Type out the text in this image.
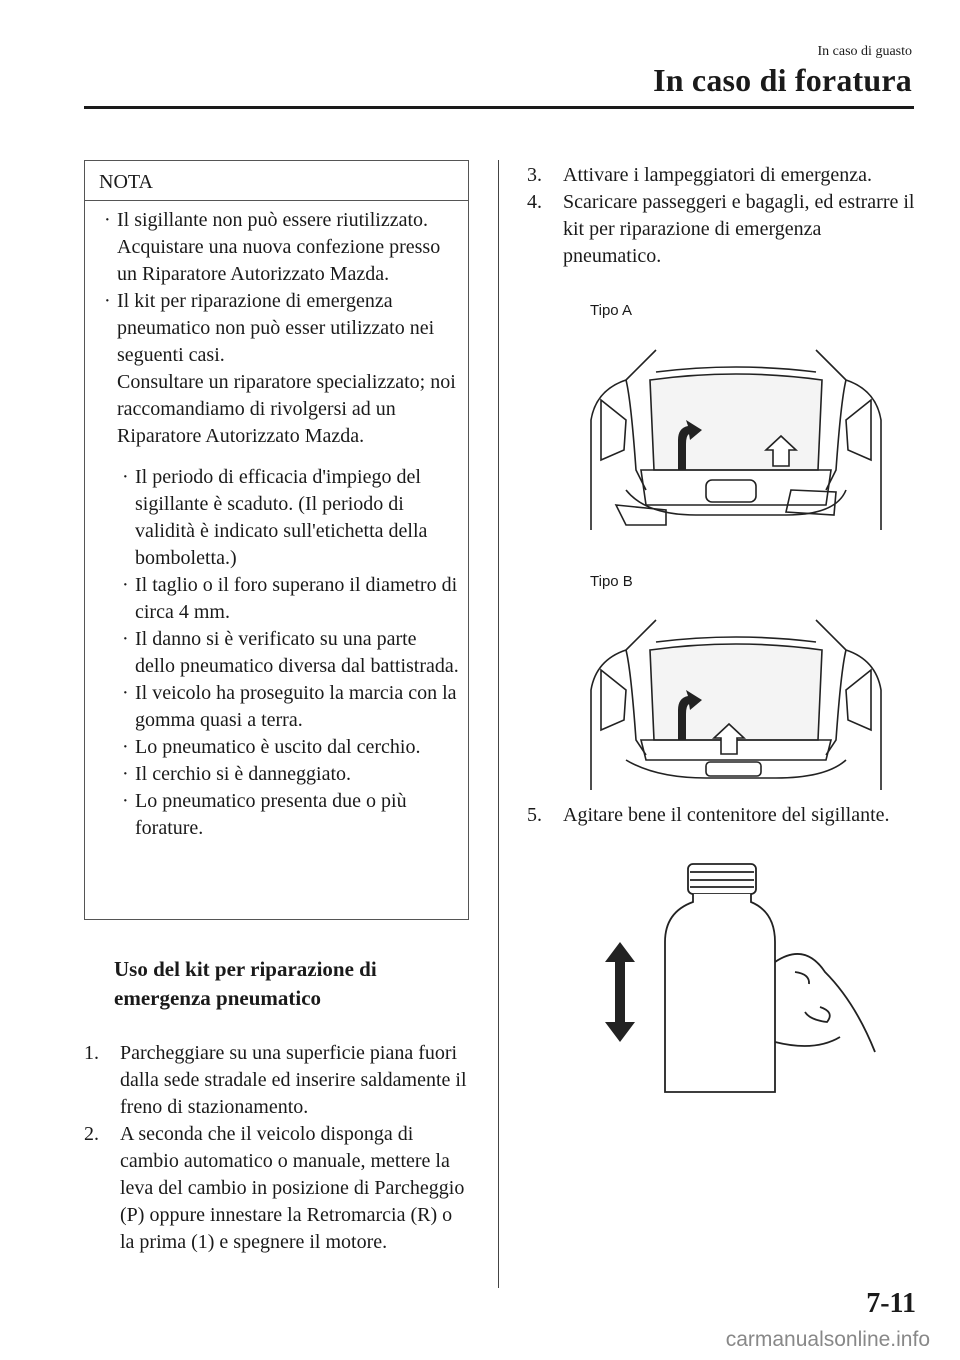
In caso di guasto
In caso di foratura
NOTA
· Il sigillante non può essere riutilizzato. Acquistare una nuova confezione presso un Riparatore Autorizzato Mazda.
· Il kit per riparazione di emergenza pneumatico non può esser utilizzato nei seguenti casi.
Consultare un riparatore specializzato; noi raccomandiamo di rivolgersi ad un Riparatore Autorizzato Mazda.
· Il periodo di efficacia d'impiego del sigillante è scaduto. (Il periodo di validità è indicato sull'etichetta della bomboletta.)
· Il taglio o il foro superano il diametro di circa 4 mm.
· Il danno si è verificato su una parte dello pneumatico diversa dal battistrada.
· Il veicolo ha proseguito la marcia con la gomma quasi a terra.
· Lo pneumatico è uscito dal cerchio.
· Il cerchio si è danneggiato.
· Lo pneumatico presenta due o più forature.
Uso del kit per riparazione di emergenza pneumatico
1. Parcheggiare su una superficie piana fuori dalla sede stradale ed inserire saldamente il freno di stazionamento.
2. A seconda che il veicolo disponga di cambio automatico o manuale, mettere la leva del cambio in posizione di Parcheggio (P) oppure innestare la Retromarcia (R) o la prima (1) e spegnere il motore.
3. Attivare i lampeggiatori di emergenza.
4. Scaricare passeggeri e bagagli, ed estrarre il kit per riparazione di emergenza pneumatico.
Tipo A
Tipo B
5. Agitare bene il contenitore del sigillante.
7-11
carmanualsonline.info
